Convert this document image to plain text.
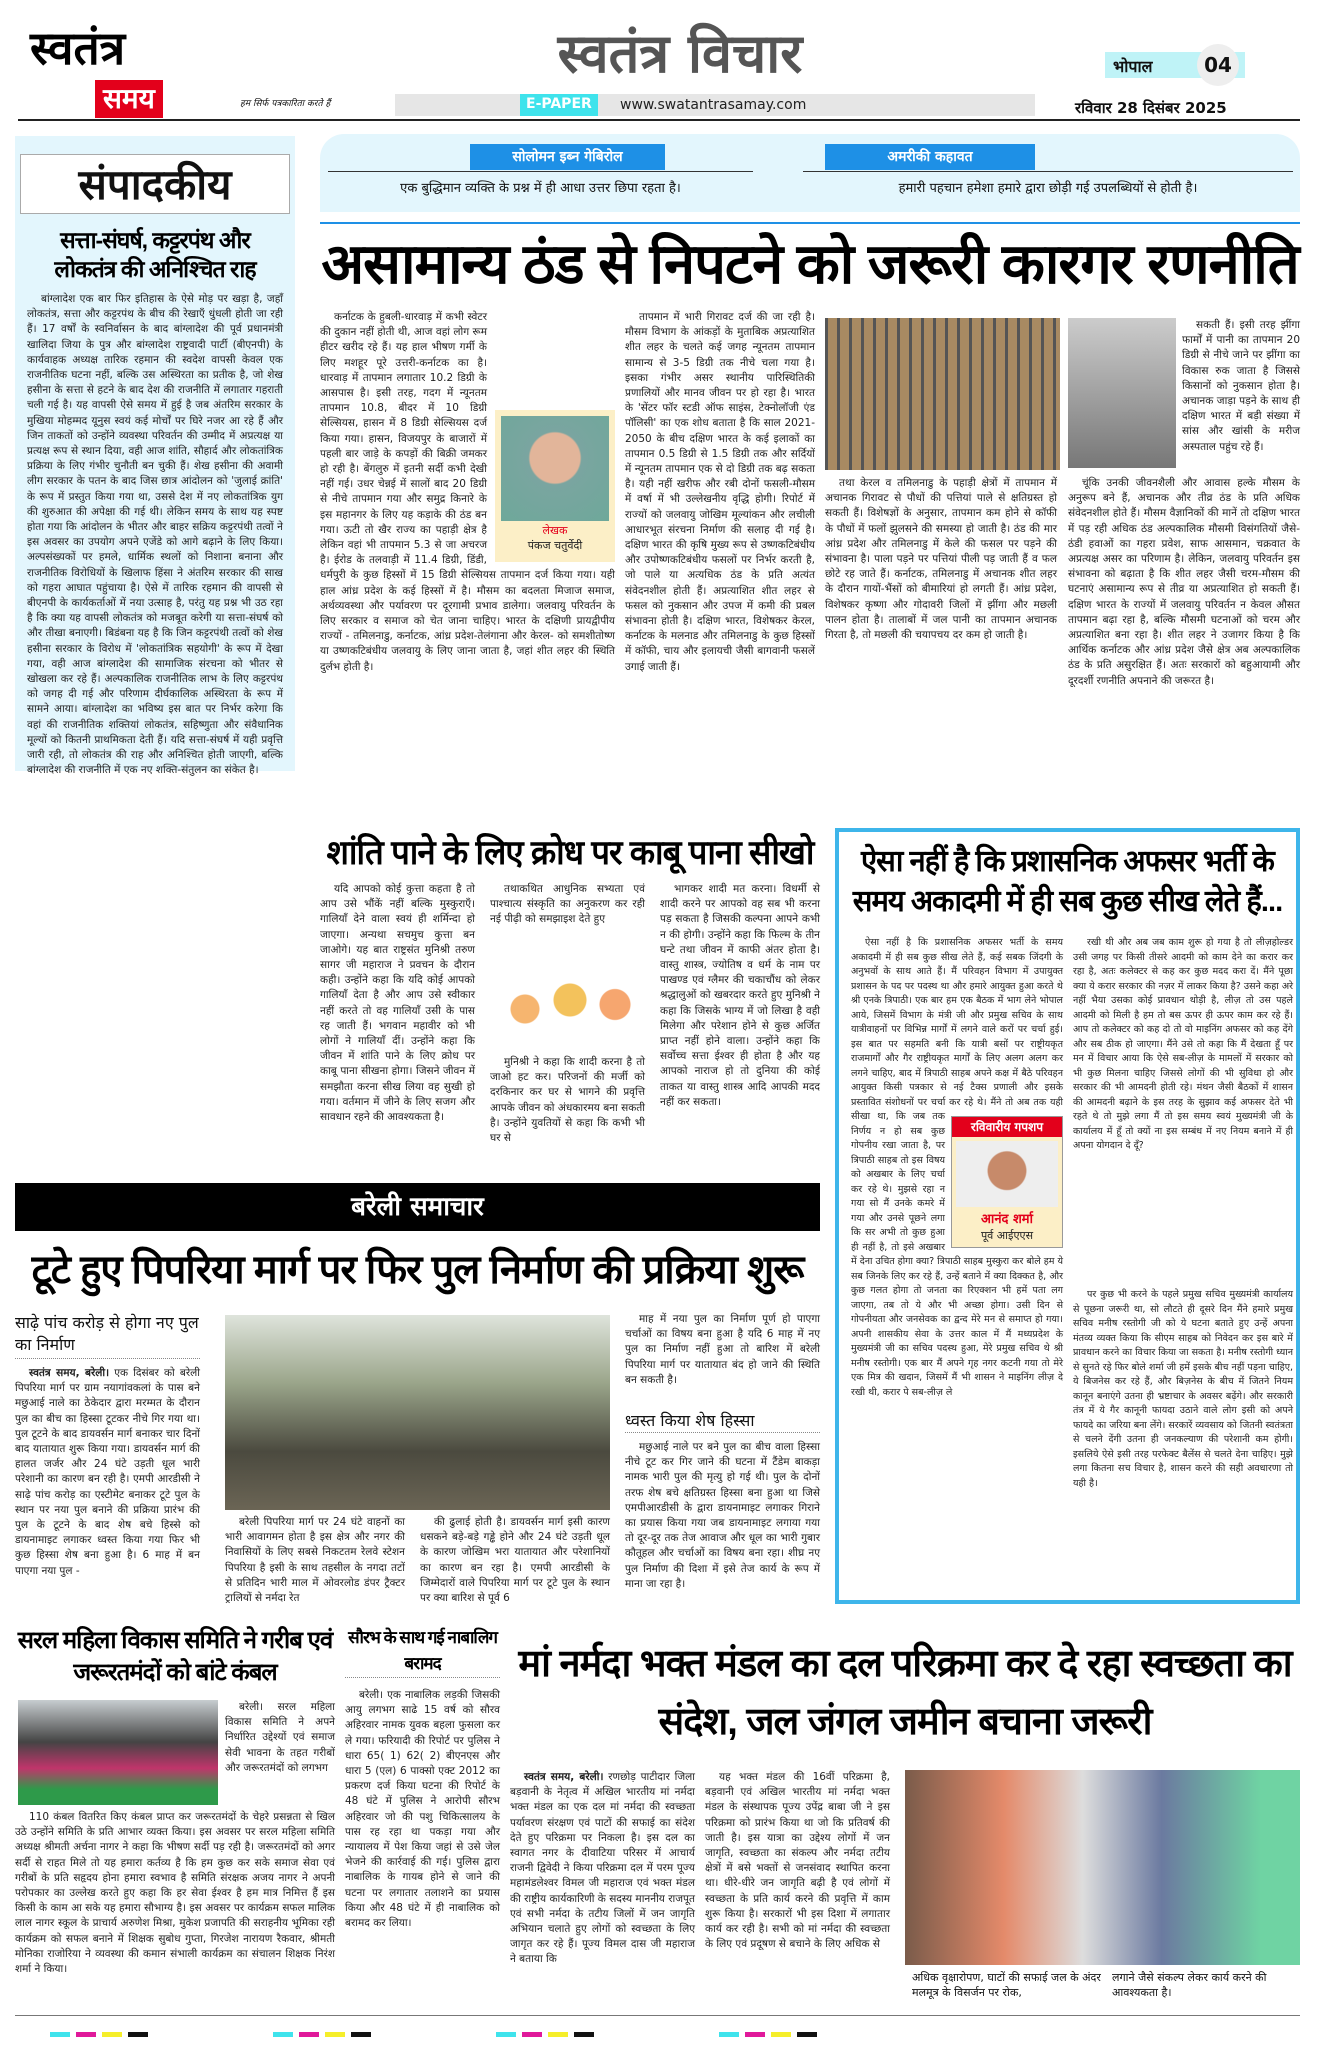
स्वतंत्र
समय	हम सिर्फ पत्रकारिता करते हैं
स्वतंत्र विचार
E-PAPER	www.swatantrasamay.com
भोपाल	04
रविवार 28 दिसंबर 2025
सोलोमन इब्न गेबिरोल
एक बुद्धिमान व्यक्ति के प्रश्न में ही आधा उत्तर छिपा रहता है।
अमरीकी कहावत
हमारी पहचान हमेशा हमारे द्वारा छोड़ी गई उपलब्धियों से होती है।
संपादकीय
सत्ता-संघर्ष, कट्टरपंथ और लोकतंत्र की अनिश्चित राह

बांग्लादेश एक बार फिर इतिहास के ऐसे मोड़ पर खड़ा है, जहाँ लोकतंत्र, सत्ता और कट्टरपंथ के बीच की रेखाएँ धुंधली होती जा रही हैं। 17 वर्षों के स्वनिर्वासन के बाद बांग्लादेश की पूर्व प्रधानमंत्री खालिदा जिया के पुत्र और बांग्लादेश राष्ट्रवादी पार्टी (बीएनपी) के कार्यवाहक अध्यक्ष तारिक रहमान की स्वदेश वापसी केवल एक राजनीतिक घटना नहीं, बल्कि उस अस्थिरता का प्रतीक है, जो शेख हसीना के सत्ता से हटने के बाद देश की राजनीति में लगातार गहराती चली गई है। यह वापसी ऐसे समय में हुई है जब अंतरिम सरकार के मुखिया मोहम्मद यूनुस स्वयं कई मोर्चों पर घिरे नजर आ रहे हैं और जिन ताकतों को उन्होंने व्यवस्था परिवर्तन की उम्मीद में अप्रत्यक्ष या प्रत्यक्ष रूप से स्थान दिया, वही आज शांति, सौहार्द और लोकतांत्रिक प्रक्रिया के लिए गंभीर चुनौती बन चुकी हैं। शेख हसीना की अवामी लीग सरकार के पतन के बाद जिस छात्र आंदोलन को 'जुलाई क्रांति' के रूप में प्रस्तुत किया गया था, उससे देश में नए लोकतांत्रिक युग की शुरुआत की अपेक्षा की गई थी। लेकिन समय के साथ यह स्पष्ट होता गया कि आंदोलन के भीतर और बाहर सक्रिय कट्टरपंथी तत्वों ने इस अवसर का उपयोग अपने एजेंडे को आगे बढ़ाने के लिए किया। अल्पसंख्यकों पर हमले, धार्मिक स्थलों को निशाना बनाना और राजनीतिक विरोधियों के खिलाफ हिंसा ने अंतरिम सरकार की साख को गहरा आघात पहुंचाया है। ऐसे में तारिक रहमान की वापसी से बीएनपी के कार्यकर्ताओं में नया उत्साह है, परंतु यह प्रश्न भी उठ रहा है कि क्या यह वापसी लोकतंत्र को मजबूत करेगी या सत्ता-संघर्ष को और तीखा बनाएगी। बिडंबना यह है कि जिन कट्टरपंथी तत्वों को शेख हसीना सरकार के विरोध में 'लोकतांत्रिक सहयोगी' के रूप में देखा गया, वही आज बांग्लादेश की सामाजिक संरचना को भीतर से खोखला कर रहे हैं। अल्पकालिक राजनीतिक लाभ के लिए कट्टरपंथ को जगह दी गई और परिणाम दीर्घकालिक अस्थिरता के रूप में सामने आया। बांग्लादेश का भविष्य इस बात पर निर्भर करेगा कि वहां की राजनीतिक शक्तियां लोकतंत्र, सहिष्णुता और संवैधानिक मूल्यों को कितनी प्राथमिकता देती हैं। यदि सत्ता-संघर्ष में यही प्रवृत्ति जारी रही, तो लोकतंत्र की राह और अनिश्चित होती जाएगी, बल्कि बांग्लादेश की राजनीति में एक नए शक्ति-संतुलन का संकेत है।

असामान्य ठंड से निपटने को जरूरी कारगर रणनीति
लेखक
पंकज चतुर्वेदी

कर्नाटक के हुबली-धारवाड़ में कभी स्वेटर की दुकान नहीं होती थी, आज वहां लोग रूम हीटर खरीद रहे हैं। यह हाल भीषण गर्मी के लिए मशहूर पूरे उत्तरी-कर्नाटक का है। धारवाड़ में तापमान लगातार 10.2 डिग्री के आसपास है। इसी तरह, गदग में न्यूनतम तापमान 10.8, बीदर में 10 डिग्री सेल्सियस, हासन में 8 डिग्री सेल्सियस दर्ज किया गया। हासन, विजयपुर के बाजारों में पहली बार जाड़े के कपड़ों की बिक्री जमकर हो रही है। बेंगलुरु में इतनी सर्दी कभी देखी नहीं गई। उधर चेन्नई में सालों बाद 20 डिग्री से नीचे तापमान गया और समुद्र किनारे के इस महानगर के लिए यह कड़ाके की ठंड बन गया। ऊटी तो खैर राज्य का पहाड़ी क्षेत्र है लेकिन वहां भी तापमान 5.3 से जा अचरज है। ईरोड के तलवाड़ी में 11.4 डिग्री, डिंडी, धर्मपुरी के कुछ हिस्सों में 15 डिग्री सेल्सियस तापमान दर्ज किया गया। यही हाल आंध्र प्रदेश के कई हिस्सों में है। मौसम का बदलता मिजाज समाज, अर्थव्यवस्था और पर्यावरण पर दूरगामी प्रभाव डालेगा। जलवायु परिवर्तन के लिए सरकार व समाज को चेत जाना चाहिए। भारत के दक्षिणी प्रायद्वीपीय राज्यों - तमिलनाडु, कर्नाटक, आंध्र प्रदेश-तेलंगाना और केरल- को समशीतोष्ण या उष्णकटिबंधीय जलवायु के लिए जाना जाता है, जहां शीत लहर की स्थिति दुर्लभ होती है।

तापमान में भारी गिरावट दर्ज की जा रही है। मौसम विभाग के आंकड़ों के मुताबिक अप्रत्याशित शीत लहर के चलते कई जगह न्यूनतम तापमान सामान्य से 3-5 डिग्री तक नीचे चला गया है। इसका गंभीर असर स्थानीय पारिस्थितिकी प्रणालियों और मानव जीवन पर हो रहा है। भारत के 'सेंटर फॉर स्टडी ऑफ साइंस, टेक्नोलॉजी एंड पॉलिसी' का एक शोध बताता है कि साल 2021-2050 के बीच दक्षिण भारत के कई इलाकों का तापमान 0.5 डिग्री से 1.5 डिग्री तक और सर्दियों में न्यूनतम तापमान एक से दो डिग्री तक बढ़ सकता है। यही नहीं खरीफ और रबी दोनों फसली-मौसम में वर्षा में भी उल्लेखनीय वृद्धि होगी। रिपोर्ट में राज्यों को जलवायु जोखिम मूल्यांकन और लचीली आधारभूत संरचना निर्माण की सलाह दी गई है। दक्षिण भारत की कृषि मुख्य रूप से उष्णकटिबंधीय और उपोष्णकटिबंधीय फसलों पर निर्भर करती है, जो पाले या अत्यधिक ठंड के प्रति अत्यंत संवेदनशील होती हैं। अप्रत्याशित शीत लहर से फसल को नुकसान और उपज में कमी की प्रबल संभावना होती है। दक्षिण भारत, विशेषकर केरल, कर्नाटक के मलनाड और तमिलनाडु के कुछ हिस्सों में कॉफी, चाय और इलायची जैसी बागवानी फसलें उगाई जाती हैं।

तथा केरल व तमिलनाडु के पहाड़ी क्षेत्रों में तापमान में अचानक गिरावट से पौधों की पत्तियां पाले से क्षतिग्रस्त हो सकती हैं। विशेषज्ञों के अनुसार, तापमान कम होने से कॉफी के पौधों में फलों झुलसने की समस्या हो जाती है। ठंड की मार आंध्र प्रदेश और तमिलनाडु में केले की फसल पर पड़ने की संभावना है। पाला पड़ने पर पत्तियां पीली पड़ जाती हैं व फल छोटे रह जाते हैं। कर्नाटक, तमिलनाडु में अचानक शीत लहर के दौरान गायों-भैंसों को बीमारियां हो लगती हैं। आंध्र प्रदेश, विशेषकर कृष्णा और गोदावरी जिलों में झींगा और मछली पालन होता है। तालाबों में जल पानी का तापमान अचानक गिरता है, तो मछली की चयापचय दर कम हो जाती है।

सकती हैं। इसी तरह झींगा फार्मों में पानी का तापमान 20 डिग्री से नीचे जाने पर झींगा का विकास रुक जाता है जिससे किसानों को नुकसान होता है। अचानक जाड़ा पड़ने के साथ ही दक्षिण भारत में बड़ी संख्या में सांस और खांसी के मरीज अस्पताल पहुंच रहे हैं।

चूंकि उनकी जीवनशैली और आवास हल्के मौसम के अनुरूप बने हैं, अचानक और तीव्र ठंड के प्रति अधिक संवेदनशील होते हैं। मौसम वैज्ञानिकों की मानें तो दक्षिण भारत में पड़ रही अधिक ठंड अल्पकालिक मौसमी विसंगतियों जैसे- ठंडी हवाओं का गहरा प्रवेश, साफ आसमान, चक्रवात के अप्रत्यक्ष असर का परिणाम है। लेकिन, जलवायु परिवर्तन इस संभावना को बढ़ाता है कि शीत लहर जैसी चरम-मौसम की घटनाएं असामान्य रूप से तीव्र या अप्रत्याशित हो सकती हैं। दक्षिण भारत के राज्यों में जलवायु परिवर्तन न केवल औसत तापमान बढ़ा रहा है, बल्कि मौसमी घटनाओं को चरम और अप्रत्याशित बना रहा है। शीत लहर ने उजागर किया है कि आर्थिक कर्नाटक और आंध्र प्रदेश जैसे क्षेत्र अब अल्पकालिक ठंड के प्रति असुरक्षित हैं। अतः सरकारों को बहुआयामी और दूरदर्शी रणनीति अपनाने की जरूरत है।

शांति पाने के लिए क्रोध पर काबू पाना सीखो

यदि आपको कोई कुत्ता कहता है तो आप उसे भौंकें नहीं बल्कि मुस्कुराएँ। गालियाँ देने वाला स्वयं ही शर्मिन्दा हो जाएगा। अन्यथा सचमुच कुत्ता बन जाओगे। यह बात राष्ट्रसंत मुनिश्री तरुण सागर जी महाराज ने प्रवचन के दौरान कही। उन्होंने कहा कि यदि कोई आपको गालियाँ देता है और आप उसे स्वीकार नहीं करते तो वह गालियाँ उसी के पास रह जाती हैं। भगवान महावीर को भी लोगों ने गालियाँ दीं। उन्होंने कहा कि जीवन में शांति पाने के लिए क्रोध पर काबू पाना सीखना होगा। जिसने जीवन में समझौता करना सीख लिया वह सुखी हो गया। वर्तमान में जीने के लिए सजग और सावधान रहने की आवश्यकता है।

तथाकथित आधुनिक सभ्यता एवं पाश्चात्य संस्कृति का अनुकरण कर रही नई पीढ़ी को समझाइश देते हुए

मुनिश्री ने कहा कि शादी करना है तो जाओ हट कर। परिजनों की मर्जी को दरकिनार कर घर से भागने की प्रवृत्ति आपके जीवन को अंधकारमय बना सकती है। उन्होंने युवतियों से कहा कि कभी भी घर से

भागकर शादी मत करना। विधर्मी से शादी करने पर आपको वह सब भी करना पड़ सकता है जिसकी कल्पना आपने कभी न की होगी। उन्होंने कहा कि फिल्म के तीन घन्टे तथा जीवन में काफी अंतर होता है। वास्तु शास्त्र, ज्योतिष व धर्म के नाम पर पाखण्ड एवं ग्लैमर की चकाचौंध को लेकर श्रद्धालुओं को खबरदार करते हुए मुनिश्री ने कहा कि जिसके भाग्य में जो लिखा है वही मिलेगा और परेशान होने से कुछ अर्जित प्राप्त नहीं होने वाला। उन्होंने कहा कि सर्वोच्च सत्ता ईश्वर ही होता है और यह आपको नाराज हो तो दुनिया की कोई ताकत या वास्तु शास्त्र आदि आपकी मदद नहीं कर सकता।

ऐसा नहीं है कि प्रशासनिक अफसर भर्ती के समय अकादमी में ही सब कुछ सीख लेते हैं...
रविवारीय गपशप
आनंद शर्मा
पूर्व आईएएस

ऐसा नहीं है कि प्रशासनिक अफसर भर्ती के समय अकादमी में ही सब कुछ सीख लेते हैं, कई सबक जिंदगी के अनुभवों के साथ आते हैं। मैं परिवहन विभाग में उपायुक्त प्रशासन के पद पर पदस्थ था और हमारे आयुक्त हुआ करते थे श्री एनके त्रिपाठी। एक बार हम एक बैठक में भाग लेने भोपाल आये, जिसमें विभाग के मंत्री जी और प्रमुख सचिव के साथ यात्रीवाहनों पर विभिन्न मार्गों में लगने वाले करों पर चर्चा हुई। इस बात पर सहमति बनी कि यात्री बसों पर राष्ट्रीयकृत राजमार्गों और गैर राष्ट्रीयकृत मार्गों के लिए अलग अलग कर लगने चाहिए, बाद में त्रिपाठी साहब अपने कक्ष में बैठे परिवहन आयुक्त किसी पत्रकार से नई टैक्स प्रणाली और इसके प्रस्तावित संशोधनों पर चर्चा कर रहे थे। मैंने तो अब तक यही सीखा था, कि जब तक निर्णय न हो सब कुछ गोपनीय रखा जाता है, पर त्रिपाठी साहब तो इस विषय को अखबार के लिए चर्चा कर रहे थे। मुझसे रहा न गया सो मैं उनके कमरे में गया और उनसे पूछने लगा कि सर अभी तो कुछ हुआ ही नहीं है, तो इसे अखबार में देना उचित होगा क्या? त्रिपाठी साहब मुस्कुरा कर बोले हम ये सब जिनके लिए कर रहे हैं, उन्हें बताने में क्या दिक्कत है, और कुछ गलत होगा तो जनता का रिएक्शन भी हमें पता लग जाएगा, तब तो ये और भी अच्छा होगा। उसी दिन से गोपनीयता और जनसेवक का द्वन्द मेरे मन से समाप्त हो गया। अपनी शासकीय सेवा के उत्तर काल में मैं मध्यप्रदेश के मुख्यमंत्री जी का सचिव पदस्थ हुआ, मेरे प्रमुख सचिव थे श्री मनीष रस्तोगी। एक बार मैं अपने गृह नगर कटनी गया तो मेरे एक मित्र की खदान, जिसमें मैं भी शासन ने माइनिंग लीज़ दे रखी थी, करार पे सब-लीज़ ले

रखी थी और अब जब काम शुरू हो गया है तो लीज़होल्डर उसी जगह पर किसी तीसरे आदमी को काम देने का करार कर रहा है, अतः कलेक्टर से कह कर कुछ मदद करा दें। मैंने पूछा क्या ये करार सरकार की नज़र में लाकर किया है? उसने कहा अरे नहीं भैया उसका कोई प्रावधान थोड़ी है, लीज़ तो उस पहले आदमी को मिली है हम तो बस ऊपर ही ऊपर काम कर रहे हैं। आप तो कलेक्टर को कह दो तो वो माइनिंग अफसर को कह देंगे और सब ठीक हो जाएगा। मैंने उसे तो कहा कि मैं देखता हूँ पर मन में विचार आया कि ऐसे सब-लीज़ के मामलों में सरकार को भी कुछ मिलना चाहिए जिससे लोगों की भी सुविधा हो और सरकार की भी आमदनी होती रहे। मंथन जैसी बैठकों में शासन की आमदनी बढ़ाने के इस तरह के सुझाव कई अफसर देते भी रहते थे तो मुझे लगा मैं तो इस समय स्वयं मुख्यमंत्री जी के कार्यालय में हूँ तो क्यों ना इस सम्बंध में नए नियम बनाने में ही अपना योगदान दे दूँ?

पर कुछ भी करने के पहले प्रमुख सचिव मुख्यमंत्री कार्यालय से पूछना जरूरी था, सो लौटते ही दूसरे दिन मैंने हमारे प्रमुख सचिव मनीष रस्तोगी जी को ये घटना बताते हुए उन्हें अपना मंतव्य व्यक्त किया कि सीएम साहब को निवेदन कर इस बारे में प्रावधान करने का विचार किया जा सकता है। मनीष रस्तोगी ध्यान से सुनते रहे फिर बोले शर्मा जी हमें इसके बीच नहीं पड़ना चाहिए, ये बिजनेस कर रहे हैं, और बिज़नेस के बीच में जितने नियम कानून बनाएंगे उतना ही भ्रष्टाचार के अवसर बढ़ेंगे। और सरकारी तंत्र में ये गैर कानूनी फायदा उठाने वाले लोग इसी को अपने फायदे का जरिया बना लेंगे। सरकारें व्यवसाय को जितनी स्वतंत्रता से चलने देंगी उतना ही जनकल्याण की परेशानी कम होगी। इसलिये ऐसे इसी तरह परफेक्ट बैलेंस से चलते देना चाहिए। मुझे लगा कितना सच विचार है, शासन करने की सही अवधारणा तो यही है।

बरेली समाचार
टूटे हुए पिपरिया मार्ग पर फिर पुल निर्माण की प्रक्रिया शुरू
साढ़े पांच करोड़ से होगा नए पुल का निर्माण

स्वतंत्र समय, बरेली। एक दिसंबर को बरेली पिपरिया मार्ग पर ग्राम नयागांवकलां के पास बने मछुआई नाले का ठेकेदार द्वारा मरम्मत के दौरान पुल का बीच का हिस्सा टूटकर नीचे गिर गया था। पुल टूटने के बाद डायवर्सन मार्ग बनाकर चार दिनों बाद यातायात शुरू किया गया। डायवर्सन मार्ग की हालत जर्जर और 24 घंटे उड़ती धूल भारी परेशानी का कारण बन रही है। एमपी आरडीसी ने साढ़े पांच करोड़ का एस्टीमेट बनाकर टूटे पुल के स्थान पर नया पुल बनाने की प्रक्रिया प्रारंभ की पुल के टूटने के बाद शेष बचे हिस्से को डायनामाइट लगाकर ध्वस्त किया गया फिर भी कुछ हिस्सा शेष बना हुआ है। 6 माह में बन पाएगा नया पुल -

बरेली पिपरिया मार्ग पर 24 घंटे वाहनों का भारी आवागमन होता है इस क्षेत्र और नगर की निवासियों के लिए सबसे निकटतम रेलवे स्टेशन पिपरिया है इसी के साथ तहसील के नगदा तटों से प्रतिदिन भारी माल में ओवरलोड डंपर ट्रैक्टर ट्रालियों से नर्मदा रेत

की ढुलाई होती है। डायवर्सन मार्ग इसी कारण धसकने बड़े-बड़े गड्ढे होने और 24 घंटे उड़ती धूल के कारण जोखिम भरा यातायात और परेशानियों का कारण बन रहा है। एमपी आरडीसी के जिम्मेदारों वाले पिपरिया मार्ग पर टूटे पुल के स्थान पर क्या बारिश से पूर्व 6

माह में नया पुल का निर्माण पूर्ण हो पाएगा चर्चाओं का विषय बना हुआ है यदि 6 माह में नए पुल का निर्माण नहीं हुआ तो बारिश में बरेली पिपरिया मार्ग पर यातायात बंद हो जाने की स्थिति बन सकती है।

ध्वस्त किया शेष हिस्सा

मछुआई नाले पर बने पुल का बीच वाला हिस्सा नीचे टूट कर गिर जाने की घटना में टैंडेम बाकड़ा नामक भारी पुल की मृत्यु हो गई थी। पुल के दोनों तरफ शेष बचे क्षतिग्रस्त हिस्सा बना हुआ था जिसे एमपीआरडीसी के द्वारा डायनामाइट लगाकर गिराने का प्रयास किया गया जब डायनामाइट लगाया गया तो दूर-दूर तक तेज आवाज और धूल का भारी गुबार कौतूहल और चर्चाओं का विषय बना रहा। शीघ्र नए पुल निर्माण की दिशा में इसे तेज कार्य के रूप में माना जा रहा है।

सरल महिला विकास समिति ने गरीब एवं जरूरतमंदों को बांटे कंबल

बरेली। सरल महिला विकास समिति ने अपने निर्धारित उद्देश्यों एवं समाज सेवी भावना के तहत गरीबों और जरूरतमंदों को लगभग

110 कंबल वितरित किए कंबल प्राप्त कर जरूरतमंदों के चेहरे प्रसन्नता से खिल उठे उन्होंने समिति के प्रति आभार व्यक्त किया। इस अवसर पर सरल महिला समिति अध्यक्ष श्रीमती अर्चना नागर ने कहा कि भीषण सर्दी पड़ रही है। जरूरतमंदों को अगर सर्दी से राहत मिले तो यह हमारा कर्तव्य है कि हम कुछ कर सके समाज सेवा एवं गरीबों के प्रति सहृदय होना हमारा स्वभाव है समिति संरक्षक अजय नागर ने अपनी परोपकार का उल्लेख करते हुए कहा कि हर सेवा ईश्वर है हम मात्र निमित्त हैं इस किसी के काम आ सके यह हमारा सौभाग्य है। इस अवसर पर कार्यक्रम सफल मालिक लाल नागर स्कूल के प्राचार्य अरुणेश मिश्रा, मुकेश प्रजापति की सराहनीय भूमिका रही कार्यक्रम को सफल बनाने में शिक्षक सुबोध गुप्ता, गिरजेश नारायण रैकवार, श्रीमती मोनिका राजोरिया ने व्यवस्था की कमान संभाली कार्यक्रम का संचालन शिक्षक निरंश शर्मा ने किया।

सौरभ के साथ गई नाबालिग बरामद

बरेली। एक नाबालिक लड़की जिसकी आयु लगभग साढे 15 वर्ष को सौरव अहिरवार नामक युवक बहला फुसला कर ले गया। फरियादी की रिपोर्ट पर पुलिस ने धारा 65( 1) 62( 2) बीएनएस और धारा 5 (एल) 6 पाक्सो एक्ट 2012 का प्रकरण दर्ज किया घटना की रिपोर्ट के 48 घंटे में पुलिस ने आरोपी सौरभ अहिरवार जो की पशु चिकित्सालय के पास रह रहा था पकड़ा गया और न्यायालय में पेश किया जहां से उसे जेल भेजने की कार्रवाई की गई। पुलिस द्वारा नाबालिक के गायब होने से जाने की घटना पर लगातार तलाशने का प्रयास किया और 48 घंटे में ही नाबालिक को बरामद कर लिया।

मां नर्मदा भक्त मंडल का दल परिक्रमा कर दे रहा स्वच्छता का संदेश, जल जंगल जमीन बचाना जरूरी

स्वतंत्र समय, बरेली। रणछोड़ पाटीदार जिला बड़वानी के नेतृत्व में अखिल भारतीय मां नर्मदा भक्त मंडल का एक दल मां नर्मदा की स्वच्छता पर्यावरण संरक्षण एवं पाटों की सफाई का संदेश देते हुए परिक्रमा पर निकला है। इस दल का स्वागत नगर के दीवाटिया परिसर में आचार्य राजनी द्विवेदी ने किया परिक्रमा दल में परम पूज्य महामंडलेश्वर विमल जी महाराज एवं भक्त मंडल की राष्ट्रीय कार्यकारिणी के सदस्य माननीय राजपूत एवं सभी नर्मदा के तटीय जिलों में जन जागृति अभियान चलाते हुए लोगों को स्वच्छता के लिए जागृत कर रहे हैं। पूज्य विमल दास जी महाराज ने बताया कि

यह भक्त मंडल की 16वीं परिक्रमा है, बड़वानी एवं अखिल भारतीय मां नर्मदा भक्त मंडल के संस्थापक पूज्य उपेंद्र बाबा जी ने इस परिक्रमा को प्रारंभ किया था जो कि प्रतिवर्ष की जाती है। इस यात्रा का उद्देश्य लोगों में जन जागृति, स्वच्छता का संकल्प और नर्मदा तटीय क्षेत्रों में बसे भक्तों से जनसंवाद स्थापित करना था। धीरे-धीरे जन जागृति बढ़ी है एवं लोगों में स्वच्छता के प्रति कार्य करने की प्रवृत्ति में काम शुरू किया है। सरकारों भी इस दिशा में लगातार कार्य कर रही है। सभी को मां नर्मदा की स्वच्छता के लिए एवं प्रदूषण से बचाने के लिए अधिक से

अधिक वृक्षारोपण, घाटों की सफाई जल के अंदर मलमूत्र के विसर्जन पर रोक,
लगाने जैसे संकल्प लेकर कार्य करने की आवश्यकता है।
